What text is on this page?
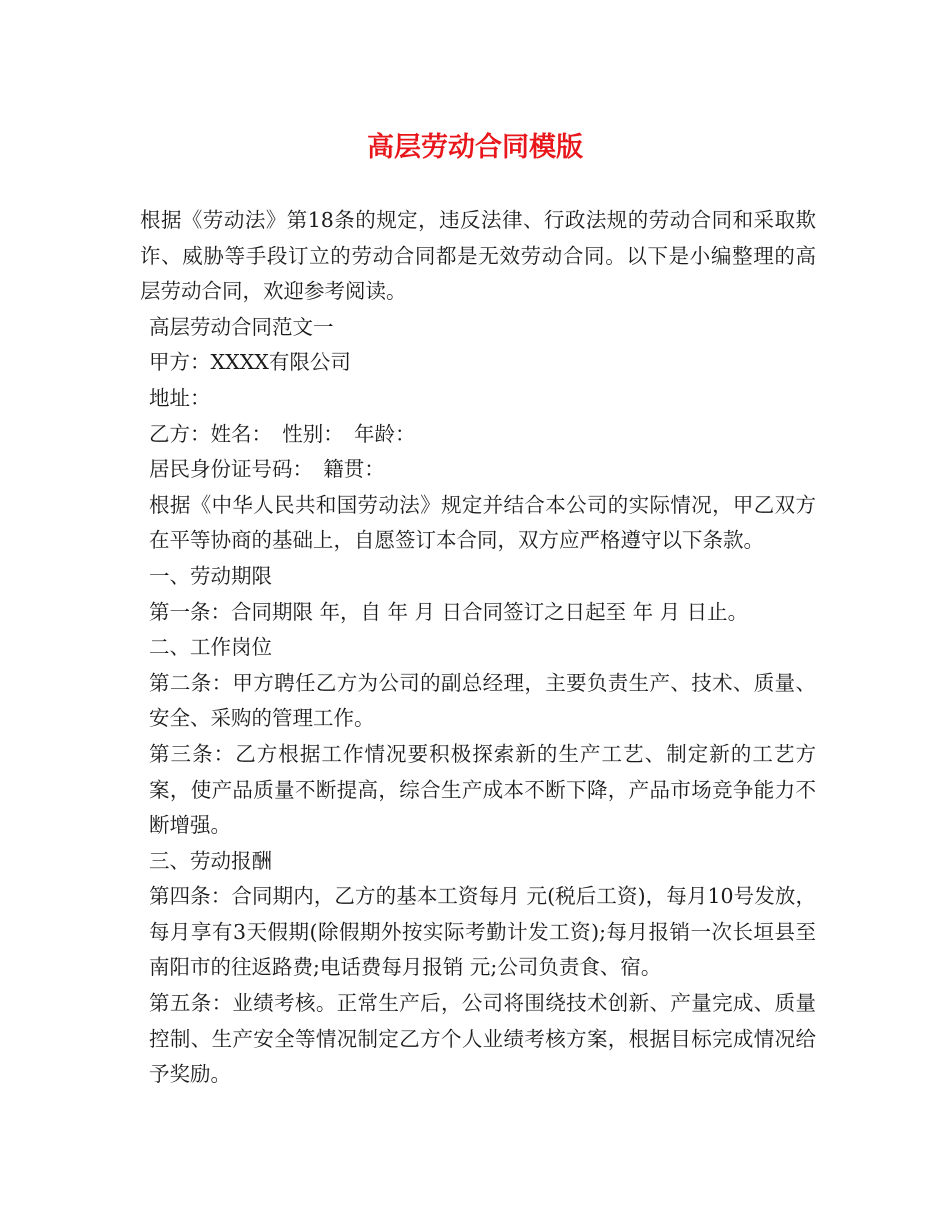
高层劳动合同模版

根据《劳动法》第18条的规定，违反法律、行政法规的劳动合同和采取欺诈、威胁等手段订立的劳动合同都是无效劳动合同。以下是小编整理的高层劳动合同，欢迎参考阅读。

高层劳动合同范文一

甲方：XXXX有限公司

地址：

乙方：姓名：　性别：　年龄：

居民身份证号码：　籍贯：

根据《中华人民共和国劳动法》规定并结合本公司的实际情况，甲乙双方在平等协商的基础上，自愿签订本合同，双方应严格遵守以下条款。

一、劳动期限

第一条：合同期限 年，自 年 月 日合同签订之日起至 年 月 日止。

二、工作岗位

第二条：甲方聘任乙方为公司的副总经理，主要负责生产、技术、质量、安全、采购的管理工作。

第三条：乙方根据工作情况要积极探索新的生产工艺、制定新的工艺方案，使产品质量不断提高，综合生产成本不断下降，产品市场竞争能力不断增强。

三、劳动报酬

第四条：合同期内，乙方的基本工资每月 元(税后工资)，每月10号发放，每月享有3天假期(除假期外按实际考勤计发工资);每月报销一次长垣县至南阳市的往返路费;电话费每月报销 元;公司负责食、宿。

第五条：业绩考核。正常生产后，公司将围绕技术创新、产量完成、质量控制、生产安全等情况制定乙方个人业绩考核方案，根据目标完成情况给予奖励。
